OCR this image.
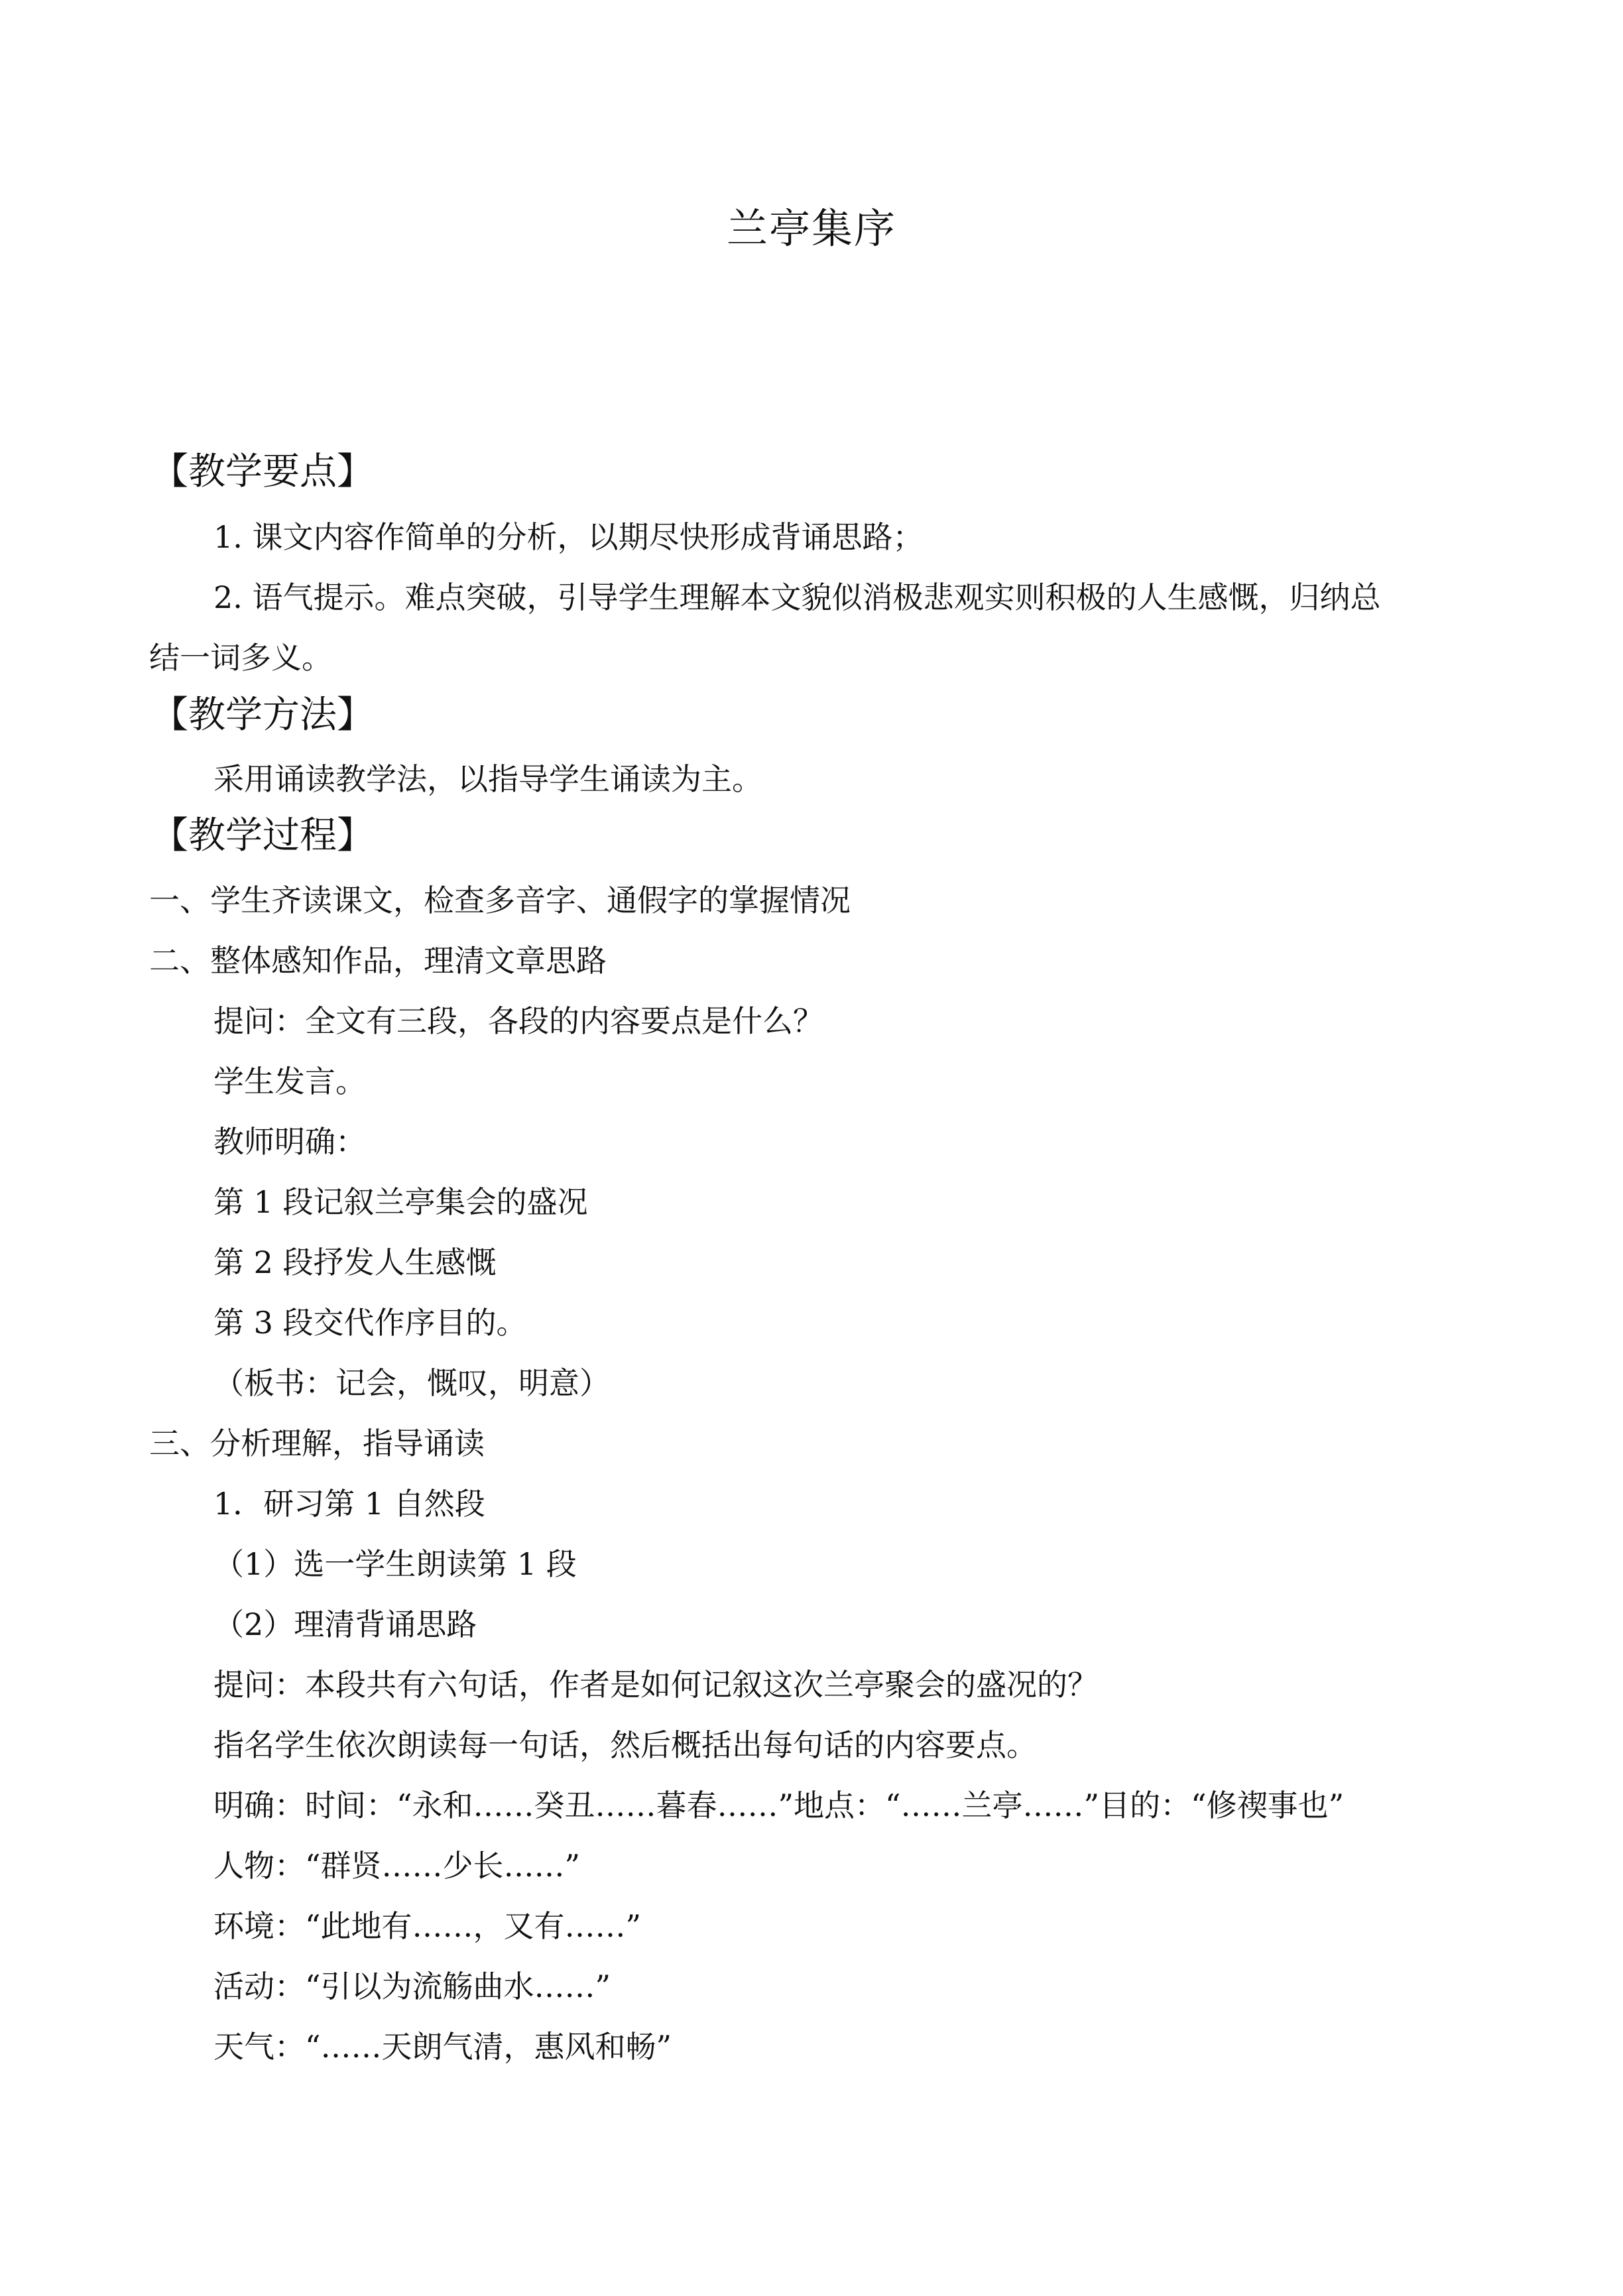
兰亭集序
【教学要点】
1. 课文内容作简单的分析，以期尽快形成背诵思路；
2. 语气提示。难点突破，引导学生理解本文貌似消极悲观实则积极的人生感慨，归纳总
结一词多义。
【教学方法】
采用诵读教学法，以指导学生诵读为主。
【教学过程】
一、学生齐读课文，检查多音字、通假字的掌握情况
二、整体感知作品，理清文章思路
提问：全文有三段，各段的内容要点是什么？
学生发言。
教师明确：
第 1 段记叙兰亭集会的盛况
第 2 段抒发人生感慨
第 3 段交代作序目的。
（板书：记会，慨叹，明意）
三、分析理解，指导诵读
1．研习第 1 自然段
（1）选一学生朗读第 1 段
（2）理清背诵思路
提问：本段共有六句话，作者是如何记叙这次兰亭聚会的盛况的？
指名学生依次朗读每一句话，然后概括出每句话的内容要点。
明确：时间：“永和……癸丑……暮春……”地点：“……兰亭……”目的：“修禊事也”
人物：“群贤……少长……”
环境：“此地有……，又有……”
活动：“引以为流觞曲水……”
天气：“……天朗气清，惠风和畅”
